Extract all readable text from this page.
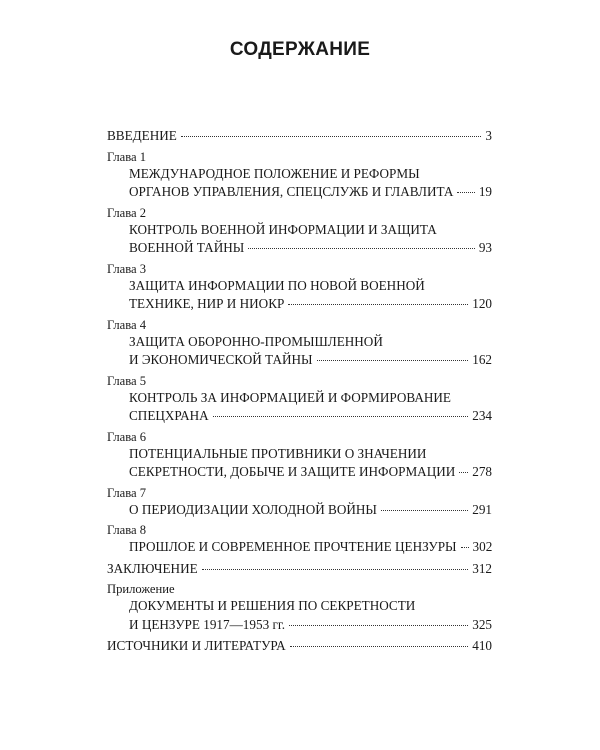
СОДЕРЖАНИЕ
ВВЕДЕНИЕ	3
Глава 1
МЕЖДУНАРОДНОЕ ПОЛОЖЕНИЕ И РЕФОРМЫ
ОРГАНОВ УПРАВЛЕНИЯ, СПЕЦСЛУЖБ И ГЛАВЛИТА 19
Глава 2
КОНТРОЛЬ ВОЕННОЙ ИНФОРМАЦИИ И ЗАЩИТА
ВОЕННОЙ ТАЙНЫ	93
Глава 3
ЗАЩИТА ИНФОРМАЦИИ ПО НОВОЙ ВОЕННОЙ
ТЕХНИКЕ, НИР И НИОКР	120
Глава 4
ЗАЩИТА ОБОРОННО-ПРОМЫШЛЕННОЙ
И ЭКОНОМИЧЕСКОЙ ТАЙНЫ	162
Глава 5
КОНТРОЛЬ ЗА ИНФОРМАЦИЕЙ И ФОРМИРОВАНИЕ
СПЕЦХРАНА	234
Глава 6
ПОТЕНЦИАЛЬНЫЕ ПРОТИВНИКИ О ЗНАЧЕНИИ
СЕКРЕТНОСТИ, ДОБЫЧЕ И ЗАЩИТЕ ИНФОРМАЦИИ 278
Глава 7
О ПЕРИОДИЗАЦИИ ХОЛОДНОЙ ВОЙНЫ	291
Глава 8
ПРОШЛОЕ И СОВРЕМЕННОЕ ПРОЧТЕНИЕ ЦЕНЗУРЫ 302
ЗАКЛЮЧЕНИЕ	312
Приложение
ДОКУМЕНТЫ И РЕШЕНИЯ ПО СЕКРЕТНОСТИ
И ЦЕНЗУРЕ 1917—1953 гг.	325
ИСТОЧНИКИ И ЛИТЕРАТУРА	410
